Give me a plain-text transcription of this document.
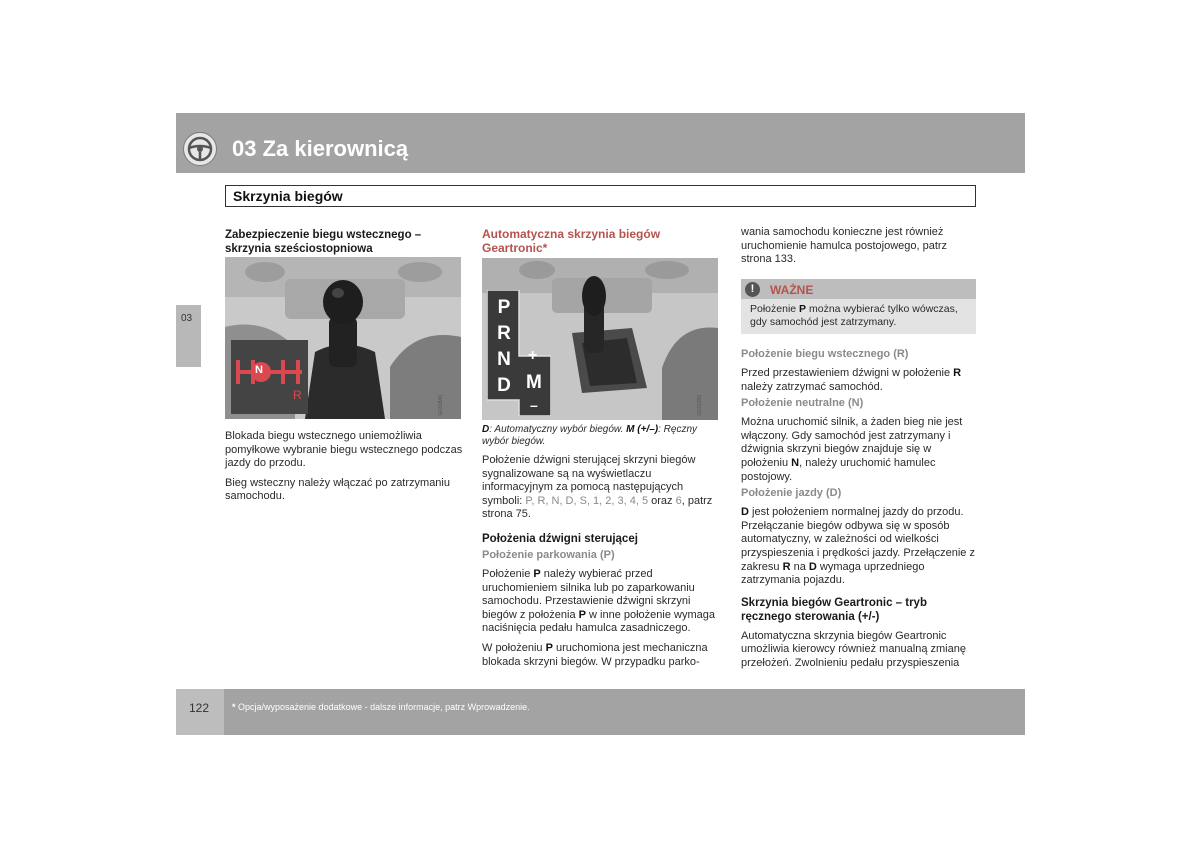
03 Za kierownicą
Skrzynia biegów
03

Zabezpieczenie biegu wstecznego – skrzynia sześciostopniowa

N
R	G031846

Blokada biegu wstecznego uniemożliwia pomyłkowe wybranie biegu wstecznego podczas jazdy do przodu.

Bieg wsteczny należy włączać po zatrzymaniu samochodu.

Automatyczna skrzynia biegów Geartronic*

P
R
N
D
+
M
–	G031350

D: Automatyczny wybór biegów. M (+/–): Ręczny wybór biegów.

Położenie dźwigni sterującej skrzyni biegów sygnalizowane są na wyświetlaczu informacyjnym za pomocą następujących symboli: P, R, N, D, S, 1, 2, 3, 4, 5 oraz 6, patrz strona 75.

Położenia dźwigni sterującej

Położenie parkowania (P)

Położenie P należy wybierać przed uruchomieniem silnika lub po zaparkowaniu samochodu. Przestawienie dźwigni skrzyni biegów z położenia P w inne położenie wymaga naciśnięcia pedału hamulca zasadniczego.

W położeniu P uruchomiona jest mechaniczna blokada skrzyni biegów. W przypadku parko-

wania samochodu konieczne jest również uruchomienie hamulca postojowego, patrz strona 133.

!	WAŻNE
Położenie P można wybierać tylko wówczas, gdy samochód jest zatrzymany.

Położenie biegu wstecznego (R)

Przed przestawieniem dźwigni w położenie R należy zatrzymać samochód.

Położenie neutralne (N)

Można uruchomić silnik, a żaden bieg nie jest włączony. Gdy samochód jest zatrzymany i dźwignia skrzyni biegów znajduje się w położeniu N, należy uruchomić hamulec postojowy.

Położenie jazdy (D)

D jest położeniem normalnej jazdy do przodu. Przełączanie biegów odbywa się w sposób automatyczny, w zależności od wielkości przyspieszenia i prędkości jazdy. Przełączenie z zakresu R na D wymaga uprzedniego zatrzymania pojazdu.

Skrzynia biegów Geartronic – tryb ręcznego sterowania (+/-)

Automatyczna skrzynia biegów Geartronic umożliwia kierowcy również manualną zmianę przełożeń. Zwolnieniu pedału przyspieszenia

122	* Opcja/wyposażenie dodatkowe - dalsze informacje, patrz Wprowadzenie.
